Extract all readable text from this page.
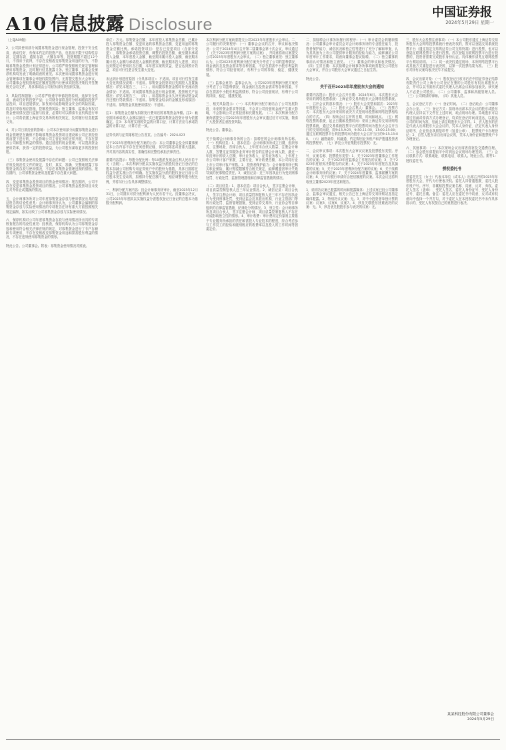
A10 信息披露 Disclosure
中国证券报
2024年5月29日 星期一
（上接A09版）
2、公司拟使用部分闲置募集资金进行现金管理，投资于安全性高、流动性好、有保本约定的投资产品，包括但不限于结构性存款、定期存款、通知存款、大额存单等，投资期限不超过12个月，不得用于质押，不存在变相改变募集资金用途的行为，不影响募集资金投资计划正常进行。公司将严格按照相关规定管理和使用募集资金，及时履行信息披露义务。独立董事、监事会及保荐机构均发表了明确同意的意见。本次使用闲置募集资金进行现金管理事项在董事会审批权限范围内，无需提交股东大会审议。公司董事会授权管理层在额度范围内行使该项投资决策权并签署相关合同文件，具体事项由公司财务部负责组织实施。
3、风险控制措施：公司将严格遵守审慎投资原则，选择安全性高、流动性好的投资产品；公司财务部将及时分析和跟踪投资产品投向、项目进展情况，如发现可能影响资金安全的风险因素，将及时采取相应措施，控制投资风险；独立董事、监事会有权对资金使用情况进行监督与检查，必要时可以聘请专业机构进行审计；公司将依据上海证券交易所的相关规定，及时履行信息披露义务。
4、对公司日常经营的影响：公司本次使用部分闲置募集资金进行现金管理是在确保不影响募集资金投资项目建设和公司正常经营的前提下进行的，不会影响公司主营业务的正常开展，不存在损害公司和股东利益的情形。通过适度的现金管理，可以提高资金使用效率，获得一定的投资收益，为公司股东谋取更多的投资回报。
（三）募集资金使用及披露中存在的问题：公司已按照相关法律法规及规范性文件的规定，及时、真实、准确、完整地披露了募集资金的存放与使用情况，不存在募集资金管理违规的情形。报告期内，公司募集资金使用及披露不存在重大问题。
四、变更募集资金投资项目的资金使用情况：报告期内，公司不存在变更募集资金投资项目的情况。公司募集资金投资项目未发生对外转让或置换的情况。
五、会计师事务所对公司年度募集资金存放与使用情况出具的鉴证报告的结论性意见：会计师事务所认为，公司董事会编制的募集资金存放与实际使用情况的专项报告在所有重大方面按照相关规定编制，如实反映了公司募集资金存放与实际使用情况。
六、保荐机构对公司年度募集资金存放与使用情况所出具的专项核查报告的结论性意见：经核查，保荐机构认为公司募集资金存放和使用符合相关法律法规的规定，对募集资金进行了专户存储和专项使用，不存在变相改变募集资金用途和损害股东利益的情况，不存在违规使用募集资金的情形。
特此公告。公司董事会。附表：募集资金使用情况对照表。
单位：万元。募集资金总额、本年度投入募集资金总额、已累计投入募集资金总额、变更用途的募集资金总额、变更用途的募集资金总额比例。承诺投资项目：是否已变更项目（含部分变更）、募集资金承诺投资总额、调整后投资总额、截至期末承诺投入金额、本年度投入金额、截至期末累计投入金额、截至期末累计投入金额与承诺投入金额的差额、截至期末投入进度、项目达到预定可使用状态日期、本年度实现的效益、是否达到预计效益、项目可行性是否发生重大变化。
未达到计划进度原因（分具体项目）：不适用。项目可行性发生重大变化的情况说明：不适用。募集资金投资项目先期投入及置换情况：详见本报告三、（二）。用闲置募集资金暂时补充流动资金情况：不适用。对闲置募集资金进行现金管理，投资相关产品情况：详见本报告三、（四）。用超募资金永久补充流动资金或归还银行贷款情况：不适用。募集资金结余的金额及形成原因：不适用。募集资金其他使用情况：不适用。
注1：募集资金总额为扣除发行费用后的募集资金净额。注2：截至期末承诺投入金额以最近一次已披露募集资金投资计划为依据确定。注3：本年度实现的效益的计算口径、计算方法应与承诺效益的计算口径、计算方法一致。
证券代码与证券简称见公告首页。公告编号：2024-023
关于2023年度利润分配方案的公告：本公司董事会及全体董事保证本公告内容不存在任何虚假记载、误导性陈述或者重大遗漏，并对其内容的真实性、准确性和完整性承担法律责任。
重要内容提示：每股分配比例：每10股派发现金红利人民币若干元（含税）。本次利润分配以实施权益分派股权登记日登记的总股本扣减公司回购专用证券账户中的股份为基数，具体日期将在权益分派实施公告中明确。在实施权益分派的股权登记日前公司总股本发生变动的，拟维持分配总额不变，相应调整每股分配比例，并将另行公告具体调整情况。
一、利润分配方案内容：经会计师事务所审计，截至2023年12月31日，公司期末可供分配利润为人民币若干元。经董事会决议，公司2023年年度拟以实施权益分派股权登记日登记的总股本为基数分配利润。
本次利润分配方案尚需提交公司2023年年度股东大会审议。二、公司履行的决策程序：（一）董事会会议的召开、审议和表决情况：公司于2024年4月召开第二届董事会第十次会议，审议通过了《关于2023年度利润分配方案的议案》，并同意将该议案提交公司2023年年度股东大会审议。（二）独立董事意见：独立董事认为，公司2023年度利润分配方案充分考虑了公司的盈利情况、现金流状态及资金需求等各种因素，不存在损害中小股东利益的情形，符合公司经营现状，有利于公司的持续、稳定、健康发展。
（三）监事会意见：监事会认为，公司2023年度利润分配方案充分考虑了公司盈利情况、现金流状态及资金需求等各种因素，不存在损害中小股东利益的情形，符合公司经营现状，有利于公司的持续、稳定、健康发展。
三、相关风险提示：（一）本次利润分配方案结合了公司发展阶段、未来的资金需求等因素，不会对公司经营现金流产生重大影响，不会影响公司正常经营和长期发展。（二）本次利润分配方案尚需提交公司2023年年度股东大会审议通过后方可实施，敬请广大投资者注意投资风险。
特此公告。董事会。
关于续聘会计师事务所的公告：拟聘任的会计师事务所名称。（一）机构信息：1、基本信息：会计师事务所成立日期、组织形式、注册地址、首席合伙人、上年度末合伙人数量、注册会计师人数、签署过证券服务业务审计报告的注册会计师人数、最近一年经审计的收入总额、审计业务收入、证券业务收入、上年度上市公司审计客户家数、主要行业、审计收费总额、本公司同行业上市公司审计客户家数。2、投资者保护能力：会计师事务所已购买职业保险，累计赔偿限额符合相关规定，能够覆盖因审计失败导致的民事赔偿责任。3、诚信记录：近三年因执业行为受到刑事处罚、行政处罚、监督管理措施和自律监管措施的情况。
（二）项目信息：1、基本信息：项目合伙人、签字注册会计师、项目质量控制复核人近三年从业情况。2、诚信记录：项目合伙人、签字注册会计师、项目质量控制复核人近三年不存在因执业行为受到刑事处罚，受到证监会及其派出机构、行业主管部门等的行政处罚、监督管理措施，受到证券交易所、行业协会等自律组织的自律监管措施、纪律处分的情况。3、独立性：会计师事务所及项目合伙人、签字注册会计师、项目质量控制复核人不存在可能影响独立性的情形。4、审计收费：审计费用定价原则主要基于专业服务所承担的责任和需投入专业技术的程度，综合考虑参与工作员工的经验和级别相应的收费率以及投入的工作时间等因素定价。
二、拟续聘会计事务所履行的程序：（一）审计委员会的履职情况：公司董事会审计委员会对会计师事务所的专业胜任能力、投资者保护能力、诚信状况和独立性等进行了充分了解和审查，认为其具备为上市公司提供审计服务的经验与能力，能够满足公司年度审计工作要求，同意向董事会提议续聘。（二）独立董事的事前认可情况和独立意见。（三）董事会的审议和表决情况。（四）生效日期：本次续聘会计师事务所事项尚需提交公司股东大会审议，并自公司股东大会审议通过之日起生效。
特此公告。
关于召开2023年年度股东大会的通知
重要内容提示：股东大会召开日期：2024年6月。本次股东大会采用的网络投票系统：上海证券交易所股东大会网络投票系统。一、召开会议的基本情况：（一）股东大会类型和届次：2023年年度股东大会。（二）股东大会召集人：董事会。（三）投票方式：本次股东大会所采用的表决方式是现场投票和网络投票相结合的方式。（四）现场会议召开的日期、时间和地点。（五）网络投票的系统、起止日期和投票时间：采用上海证券交易所网络投票系统，通过交易系统投票平台的投票时间为股东大会召开当日的交易时间段，即9:15-9:25，9:30-11:30，13:00-15:00；通过互联网投票平台的投票时间为股东大会召开当日的9:15-15:00。（六）融资融券、转融通、约定购回业务账户和沪股通投资者的投票程序。（七）涉及公开征集股东投票权：无。
二、会议审议事项：本次股东大会审议议案及投票股东类型。序号、议案名称、投票股东类型：1、关于2023年度董事会工作报告的议案；2、关于2023年度监事会工作报告的议案；3、关于2023年度财务决算报告的议案；4、关于2023年年度报告及其摘要的议案；5、关于2023年度利润分配方案的议案；6、关于续聘会计师事务所的议案；7、关于2024年度董事、监事薪酬方案的议案；8、关于向银行申请综合授信额度的议案。本次会议还将听取独立董事2023年度述职报告。
1、说明各议案已披露的时间和披露媒体：上述议案已经公司董事会、监事会审议通过，相关公告已在上海证券交易所网站及指定媒体披露。2、特别决议议案：无。3、对中小投资者单独计票的议案：议案5、议案6、议案7。4、涉及关联股东回避表决的议案：无。5、涉及优先股股东参与表决的议案：无。
三、股东大会投票注意事项：（一）本公司股东通过上海证券交易所股东大会网络投票系统行使表决权的，既可以登陆交易系统投票平台（通过指定交易的证券公司交易终端）进行投票，也可以登陆互联网投票平台进行投票。首次登陆互联网投票平台进行投票的，投资者需要完成股东身份认证。具体操作请见互联网投票平台网站说明。（二）同一表决权通过现场、本所网络投票平台或其他方式重复进行表决的，以第一次投票结果为准。（三）股东对所有议案均表决完毕才能提交。
四、会议出席对象：（一）股权登记日收市后在中国证券登记结算有限责任公司上海分公司登记在册的公司股东有权出席股东大会，并可以以书面形式委托代理人出席会议和参加表决。该代理人不必是公司股东。（二）公司董事、监事和高级管理人员。（三）公司聘请的律师。（四）其他人员。
五、会议登记方法：（一）登记时间。（二）登记地点：公司董事会办公室。（三）登记方式：拟现场出席本次会议的股东或股东代理人应持以下文件在上述时间、地点现场办理。异地股东可以通过信函或传真方式办理登记，均须在登记时间前送达，以抵达公司的时间为准，信函上请注明股东大会字样。1、法人股东的法定代表人出席股东大会会议的，凭本人身份证、法定代表人身份证明书、企业营业执照复印件（加盖公章）、股票账户卡办理登记；2、自然人股东亲自出席会议的，凭本人身份证和股票账户卡办理登记。
六、其他事项：（一）本次现场会议出席者食宿及交通费自理。（二）参会股东请提前半小时到达会议现场办理签到。（三）会议联系方式：联系地址、联系电话、联系人。特此公告。附件1：授权委托书。
授权委托书
兹委托先生（女士）代表本单位（或本人）出席召开的2023年年度股东大会，并代为行使表决权。委托人持普通股数、委托人股东账户号。序号、非累积投票议案名称、同意、反对、弃权。委托人签名（盖章）、受托人签名、委托人身份证号、受托人身份证号、委托日期。备注：委托人应在委托书中同意、反对或弃权意向中选择一个并打勾，对于委托人在本授权委托书中未作具体指示的，受托人有权按自己的意愿进行表决。
某某科技股份有限公司董事会
2024年5月29日
